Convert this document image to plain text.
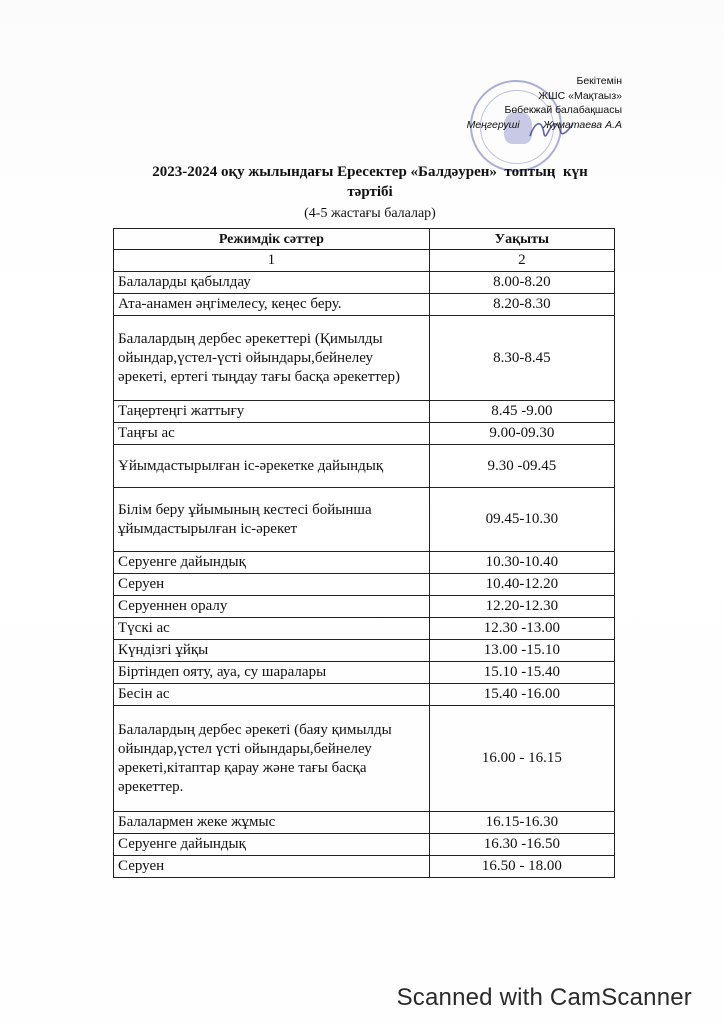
Бекітемін
ЖШС «Мақтаыз»
Бөбекжай балабақшасы
Меңгеруші        Жуматаева А.А
2023-2024 оқу жылындағы Ересектер «Балдәурен»  топтың  күн
тәртібі
(4-5 жастағы балалар)
Режимдік сәттер	Уақыты
1	2
Балаларды қабылдау	8.00-8.20
Ата-анамен әңгімелесу, кеңес беру.	8.20-8.30
Балалардың дербес әрекеттері (Қимылды ойындар,үстел-үсті ойындары,бейнелеу әрекеті, ертегі тыңдау тағы басқа әрекеттер)	8.30-8.45
Таңертеңгі жаттығу	8.45 -9.00
Таңғы ас	9.00-09.30
Ұйымдастырылған іс-әрекетке дайындық	9.30 -09.45
Білім беру ұйымының кестесі бойынша ұйымдастырылған іс-әрекет	09.45-10.30
Серуенге дайындық	10.30-10.40
Серуен	10.40-12.20
Серуеннен оралу	12.20-12.30
Түскі ас	12.30 -13.00
Күндізгі ұйқы	13.00 -15.10
Біртіндеп ояту, ауа, су шаралары	15.10 -15.40
Бесін ас	15.40 -16.00
Балалардың дербес әрекеті (баяу қимылды ойындар,үстел үсті ойындары,бейнелеу әрекеті,кітаптар қарау және тағы басқа әрекеттер.	16.00 - 16.15
Балалармен жеке жұмыс	16.15-16.30
Серуенге дайындық	16.30 -16.50
Серуен	16.50 - 18.00
Scanned with CamScanner
